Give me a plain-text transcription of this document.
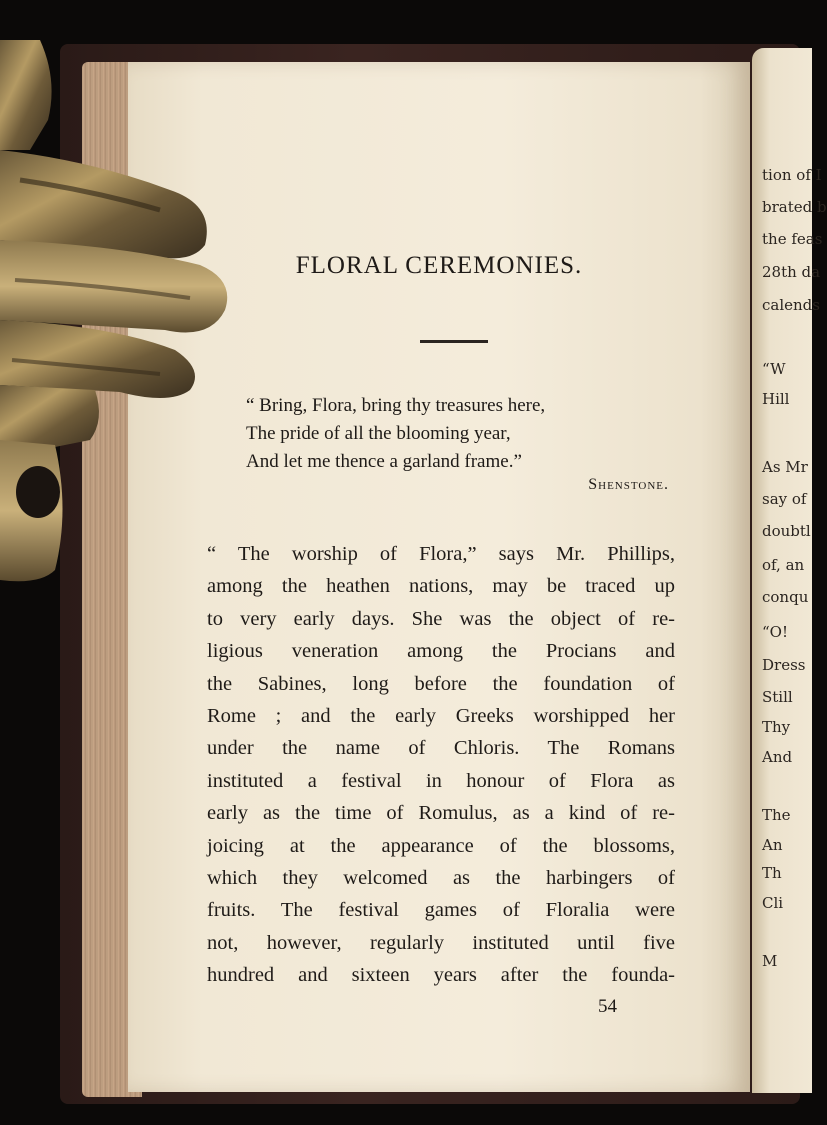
tion of I
brated b
the feas
28th da
calends
“W
Hill
As Mr
say of
doubtl
of, an
conqu
“O!
Dress
Still
Thy
And
The
An
Th
Cli
M
FLORAL CEREMONIES.
“ Bring, Flora, bring thy treasures here,
The pride of all the blooming year,
And let me thence a garland frame.”
Shenstone.
“ The worship of Flora,” says Mr. Phillips,
among the heathen nations, may be traced up
to very early days. She was the object of re-
ligious veneration among the Procians and
the Sabines, long before the foundation of
Rome ; and the early Greeks worshipped her
under the name of Chloris. The Romans
instituted a festival in honour of Flora as
early as the time of Romulus, as a kind of re-
joicing at the appearance of the blossoms,
which they welcomed as the harbingers of
fruits. The festival games of Floralia were
not, however, regularly instituted until five
hundred and sixteen years after the founda-
54
